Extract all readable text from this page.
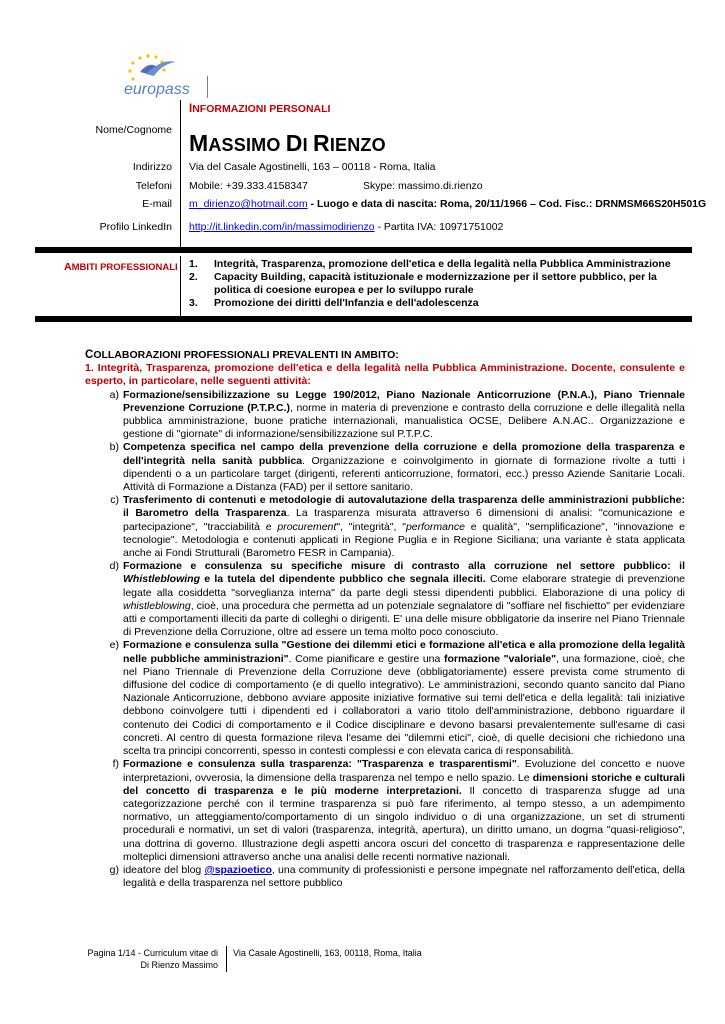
europass
INFORMAZIONI PERSONALI
Nome/Cognome MASSIMO DI RIENZO
Indirizzo Via del Casale Agostinelli, 163 – 00118 - Roma, Italia
Telefoni Mobile: +39.333.4158347	Skype: massimo.di.rienzo
E-mail m_dirienzo@hotmail.com - Luogo e data di nascita: Roma, 20/11/1966 – Cod. Fisc.: DRNMSM66S20H501G
Profilo LinkedIn http://it.linkedin.com/in/massimodirienzo - Partita IVA: 10971751002
AMBITI PROFESSIONALI 1.	Integrità, Trasparenza, promozione dell'etica e della legalità nella Pubblica Amministrazione
2.	Capacity Building, capacità istituzionale e modernizzazione per il settore pubblico, per la politica di coesione europea e per lo sviluppo rurale
3.	Promozione dei diritti dell'Infanzia e dell'adolescenza
COLLABORAZIONI PROFESSIONALI PREVALENTI IN AMBITO:
1. Integrità, Trasparenza, promozione dell'etica e della legalità nella Pubblica Amministrazione. Docente, consulente e esperto, in particolare, nelle seguenti attività:
a) Formazione/sensibilizzazione su Legge 190/2012, Piano Nazionale Anticorruzione (P.N.A.), Piano Triennale Prevenzione Corruzione (P.T.P.C.), norme in materia di prevenzione e contrasto della corruzione e delle illegalità nella pubblica amministrazione, buone pratiche internazionali, manualistica OCSE, Delibere A.N.AC.. Organizzazione e gestione di "giornate" di informazione/sensibilizzazione sul P.T.P.C.
b) Competenza specifica nel campo della prevenzione della corruzione e della promozione della trasparenza e dell'integrità nella sanità pubblica. Organizzazione e coinvolgimento in giornate di formazione rivolte a tutti i dipendenti o a un particolare target (dirigenti, referenti anticorruzione, formatori, ecc.) presso Aziende Sanitarie Locali. Attività di Formazione a Distanza (FAD) per il settore sanitario.
c) Trasferimento di contenuti e metodologie di autovalutazione della trasparenza delle amministrazioni pubbliche: il Barometro della Trasparenza. La trasparenza misurata attraverso 6 dimensioni di analisi: "comunicazione e partecipazione", "tracciabilità e procurement", "integrità", "performance e qualità", "semplificazione", "innovazione e tecnologie". Metodologia e contenuti applicati in Regione Puglia e in Regione Siciliana; una variante è stata applicata anche ai Fondi Strutturali (Barometro FESR in Campania).
d) Formazione e consulenza su specifiche misure di contrasto alla corruzione nel settore pubblico: il Whistleblowing e la tutela del dipendente pubblico che segnala illeciti. Come elaborare strategie di prevenzione legate alla cosiddetta "sorveglianza interna" da parte degli stessi dipendenti pubblici. Elaborazione di una policy di whistleblowing, cioè, una procedura che permetta ad un potenziale segnalatore di "soffiare nel fischietto" per evidenziare atti e comportamenti illeciti da parte di colleghi o dirigenti. E' una delle misure obbligatorie da inserire nel Piano Triennale di Prevenzione della Corruzione, oltre ad essere un tema molto poco conosciuto.
e) Formazione e consulenza sulla "Gestione dei dilemmi etici e formazione all'etica e alla promozione della legalità nelle pubbliche amministrazioni". Come pianificare e gestire una formazione "valoriale", una formazione, cioè, che nel Piano Triennale di Prevenzione della Corruzione deve (obbligatoriamente) essere prevista come strumento di diffusione del codice di comportamento (e di quello integrativo). Le amministrazioni, secondo quanto sancito dal Piano Nazionale Anticorruzione, debbono avviare apposite iniziative formative sui temi dell'etica e della legalità: tali iniziative debbono coinvolgere tutti i dipendenti ed i collaboratori a vario titolo dell'amministrazione, debbono riguardare il contenuto dei Codici di comportamento e il Codice disciplinare e devono basarsi prevalentemente sull'esame di casi concreti. Al centro di questa formazione rileva l'esame dei "dilemmi etici", cioè, di quelle decisioni che richiedono una scelta tra principi concorrenti, spesso in contesti complessi e con elevata carica di responsabilità.
f) Formazione e consulenza sulla trasparenza: "Trasparenza e trasparentismi". Evoluzione del concetto e nuove interpretazioni, ovverosia, la dimensione della trasparenza nel tempo e nello spazio. Le dimensioni storiche e culturali del concetto di trasparenza e le più moderne interpretazioni. Il concetto di trasparenza sfugge ad una categorizzazione perché con il termine trasparenza si può fare riferimento, al tempo stesso, a un adempimento normativo, un atteggiamento/comportamento di un singolo individuo o di una organizzazione, un set di strumenti procedurali e normativi, un set di valori (trasparenza, integrità, apertura), un diritto umano, un dogma "quasi-religioso", una dottrina di governo. Illustrazione degli aspetti ancora oscuri del concetto di trasparenza e rappresentazione delle molteplici dimensioni attraverso anche una analisi delle recenti normative nazionali.
g) ideatore del blog @spazioetico, una community di professionisti e persone impegnate nel rafforzamento dell'etica, della legalità e della trasparenza nel settore pubblico
Pagina 1/14 - Curriculum vitae di
Di Rienzo Massimo
Via Casale Agostinelli, 163, 00118, Roma, Italia
